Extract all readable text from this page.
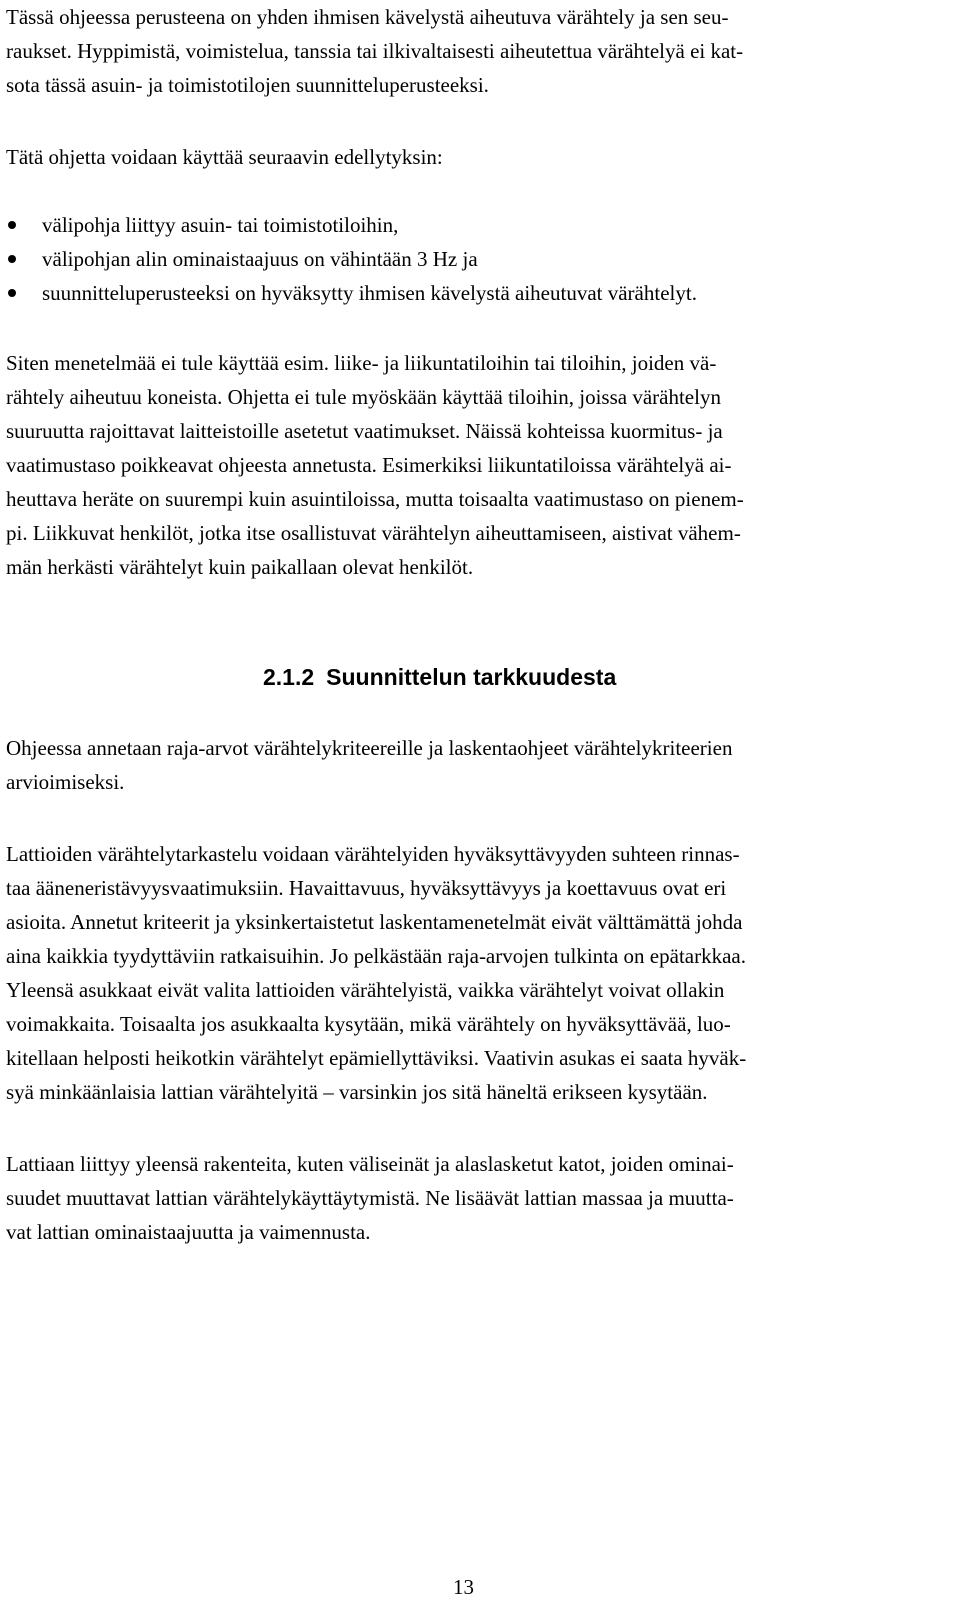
Tässä ohjeessa perusteena on yhden ihmisen kävelystä aiheutuva värähtely ja sen seu-
raukset. Hyppimistä, voimistelua, tanssia tai ilkivaltaisesti aiheutettua värähtelyä ei kat-
sota tässä asuin- ja toimistotilojen suunnitteluperusteeksi.
Tätä ohjetta voidaan käyttää seuraavin edellytyksin:
välipohja liittyy asuin- tai toimistotiloihin,
välipohjan alin ominaistaajuus on vähintään 3 Hz ja
suunnitteluperusteeksi on hyväksytty ihmisen kävelystä aiheutuvat värähtelyt.
Siten menetelmää ei tule käyttää esim. liike- ja liikuntatiloihin tai tiloihin, joiden vä-
rähtely aiheutuu koneista. Ohjetta ei tule myöskään käyttää tiloihin, joissa värähtelyn
suuruutta rajoittavat laitteistoille asetetut vaatimukset. Näissä kohteissa kuormitus- ja
vaatimustaso poikkeavat ohjeesta annetusta. Esimerkiksi liikuntatiloissa värähtelyä ai-
heuttava heräte on suurempi kuin asuintiloissa, mutta toisaalta vaatimustaso on pienem-
pi. Liikkuvat henkilöt, jotka itse osallistuvat värähtelyn aiheuttamiseen, aistivat vähem-
män herkästi värähtelyt kuin paikallaan olevat henkilöt.
2.1.2 Suunnittelun tarkkuudesta
Ohjeessa annetaan raja-arvot värähtelykriteereille ja laskentaohjeet värähtelykriteerien
arvioimiseksi.
Lattioiden värähtelytarkastelu voidaan värähtelyiden hyväksyttävyyden suhteen rinnas-
taa ääneneristävyysvaatimuksiin. Havaittavuus, hyväksyttävyys ja koettavuus ovat eri
asioita. Annetut kriteerit ja yksinkertaistetut laskentamenetelmät eivät välttämättä johda
aina kaikkia tyydyttäviin ratkaisuihin. Jo pelkästään raja-arvojen tulkinta on epätarkkaa.
Yleensä asukkaat eivät valita lattioiden värähtelyistä, vaikka värähtelyt voivat ollakin
voimakkaita. Toisaalta jos asukkaalta kysytään, mikä värähtely on hyväksyttävää, luo-
kitellaan helposti heikotkin värähtelyt epämiellyttäviksi. Vaativin asukas ei saata hyväk-
syä minkäänlaisia lattian värähtelyitä – varsinkin jos sitä häneltä erikseen kysytään.
Lattiaan liittyy yleensä rakenteita, kuten väliseinät ja alaslasketut katot, joiden ominai-
suudet muuttavat lattian värähtelykäyttäytymistä. Ne lisäävät lattian massaa ja muutta-
vat lattian ominaistaajuutta ja vaimennusta.
13
